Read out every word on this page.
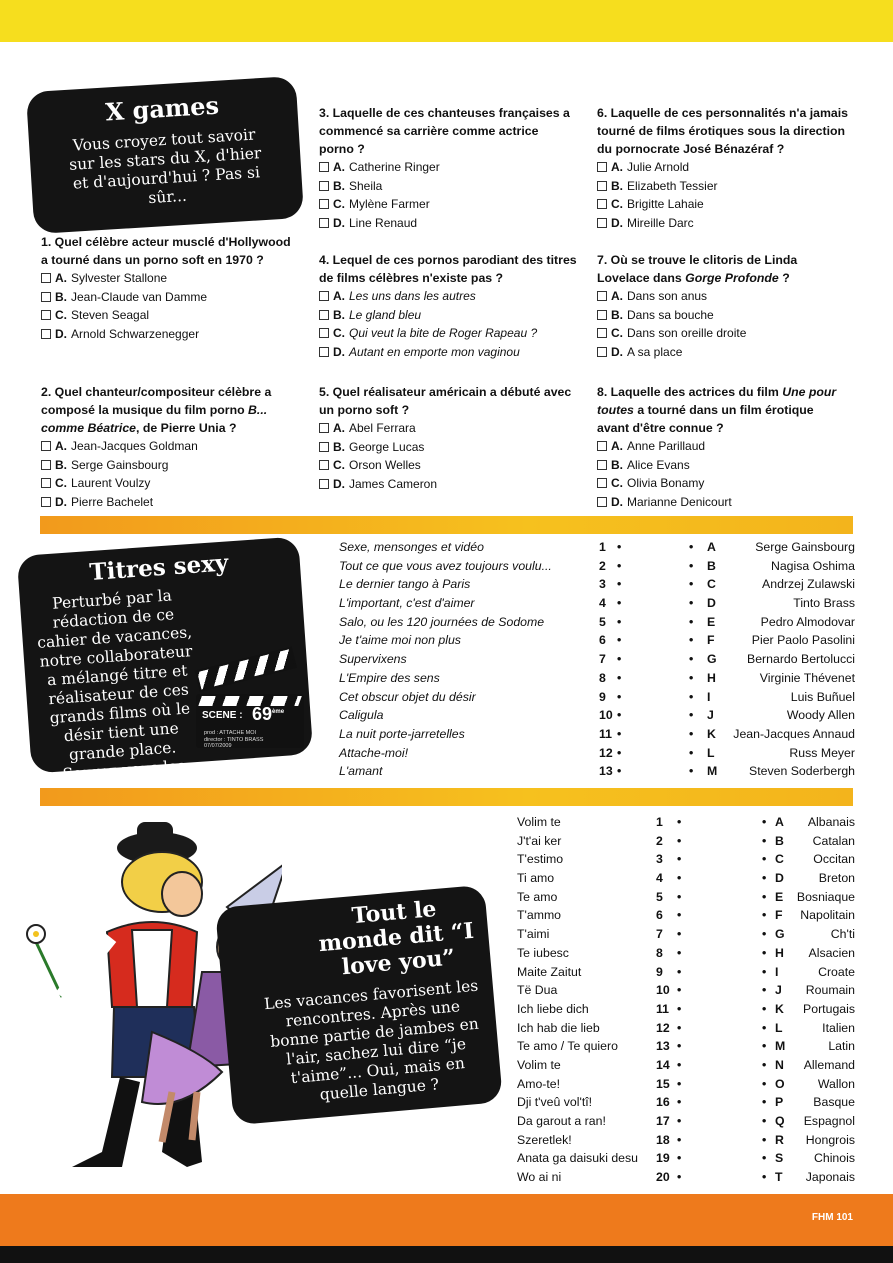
X games
Vous croyez tout savoir sur les stars du X, d'hier et d'aujourd'hui ? Pas si sûr...
1. Quel célèbre acteur musclé d'Hollywood a tourné dans un porno soft en 1970 ?
A. Sylvester Stallone
B. Jean-Claude van Damme
C. Steven Seagal
D. Arnold Schwarzenegger
2. Quel chanteur/compositeur célèbre a composé la musique du film porno B... comme Béatrice, de Pierre Unia ?
A. Jean-Jacques Goldman
B. Serge Gainsbourg
C. Laurent Voulzy
D. Pierre Bachelet
3. Laquelle de ces chanteuses françaises a commencé sa carrière comme actrice porno ?
A. Catherine Ringer
B. Sheila
C. Mylène Farmer
D. Line Renaud
4. Lequel de ces pornos parodiant des titres de films célèbres n'existe pas ?
A. Les uns dans les autres
B. Le gland bleu
C. Qui veut la bite de Roger Rapeau ?
D. Autant en emporte mon vaginou
5. Quel réalisateur américain a débuté avec un porno soft ?
A. Abel Ferrara
B. George Lucas
C. Orson Welles
D. James Cameron
6. Laquelle de ces personnalités n'a jamais tourné de films érotiques sous la direction du pornocrate José Bénazéraf ?
A. Julie Arnold
B. Elizabeth Tessier
C. Brigitte Lahaie
D. Mireille Darc
7. Où se trouve le clitoris de Linda Lovelace dans Gorge Profonde ?
A. Dans son anus
B. Dans sa bouche
C. Dans son oreille droite
D. A sa place
8. Laquelle des actrices du film Une pour toutes a tourné dans un film érotique avant d'être connue ?
A. Anne Parillaud
B. Alice Evans
C. Olivia Bonamy
D. Marianne Denicourt
Titres sexy
Perturbé par la rédaction de ce cahier de vacances, notre collaborateur a mélangé titre et réalisateur de ces grands films où le désir tient une grande place. Saurez-vous les ?
SCENE : 69ème
prod : ATTACHE MOI
director : TINTO BRASS
07/07/2009
Sexe, mensonges et vidéo	1 •	• A	Serge Gainsbourg
Tout ce que vous avez toujours voulu...	2 •	• B	Nagisa Oshima
Le dernier tango à Paris	3 •	• C	Andrzej Zulawski
L'important, c'est d'aimer	4 •	• D	Tinto Brass
Salo, ou les 120 journées de Sodome	5 •	• E	Pedro Almodovar
Je t'aime moi non plus	6 •	• F	Pier Paolo Pasolini
Supervixens	7 •	• G Bernardo Bertolucci
L'Empire des sens	8 •	• H	Virginie Thévenet
Cet obscur objet du désir	9 •	• I	Luis Buñuel
Caligula	10 •	• J	Woody Allen
La nuit porte-jarretelles	11 •	• K Jean-Jacques Annaud
Attache-moi!	12 •	• L	Russ Meyer
L'amant	13 •	• M	Steven Soderbergh
Tout le monde dit “I love you”
Les vacances favorisent les rencontres. Après une bonne partie de jambes en l'air, sachez lui dire “je t'aime”... Oui, mais en quelle langue ?
Volim te	1 •	• A Albanais
J't'ai ker	2 •	• B Catalan
T'estimo	3 •	• C Occitan
Ti amo	4 •	• D	Breton
Te amo	5 •	• E Bosniaque
T'ammo	6 •	• F Napolitain
T'aimi	7 •	• G	Ch'ti
Te iubesc	8 •	• H Alsacien
Maite Zaitut	9 •	• I	Croate
Të Dua	10 •	• J Roumain
Ich liebe dich	11 •	• K Portugais
Ich hab die lieb	12 •	• L	Italien
Te amo / Te quiero	13 •	• M	Latin
Volim te	14 •	• N Allemand
Amo-te!	15 •	• O	Wallon
Dji t'veû vol'tî!	16 •	• P Basque
Da garout a ran!	17 •	• Q Espagnol
Szeretlek!	18 •	• R Hongrois
Anata ga daisuki desu 19 •	• S	Chinois
Wo ai ni	20 •	• T Japonais
FHM 101
